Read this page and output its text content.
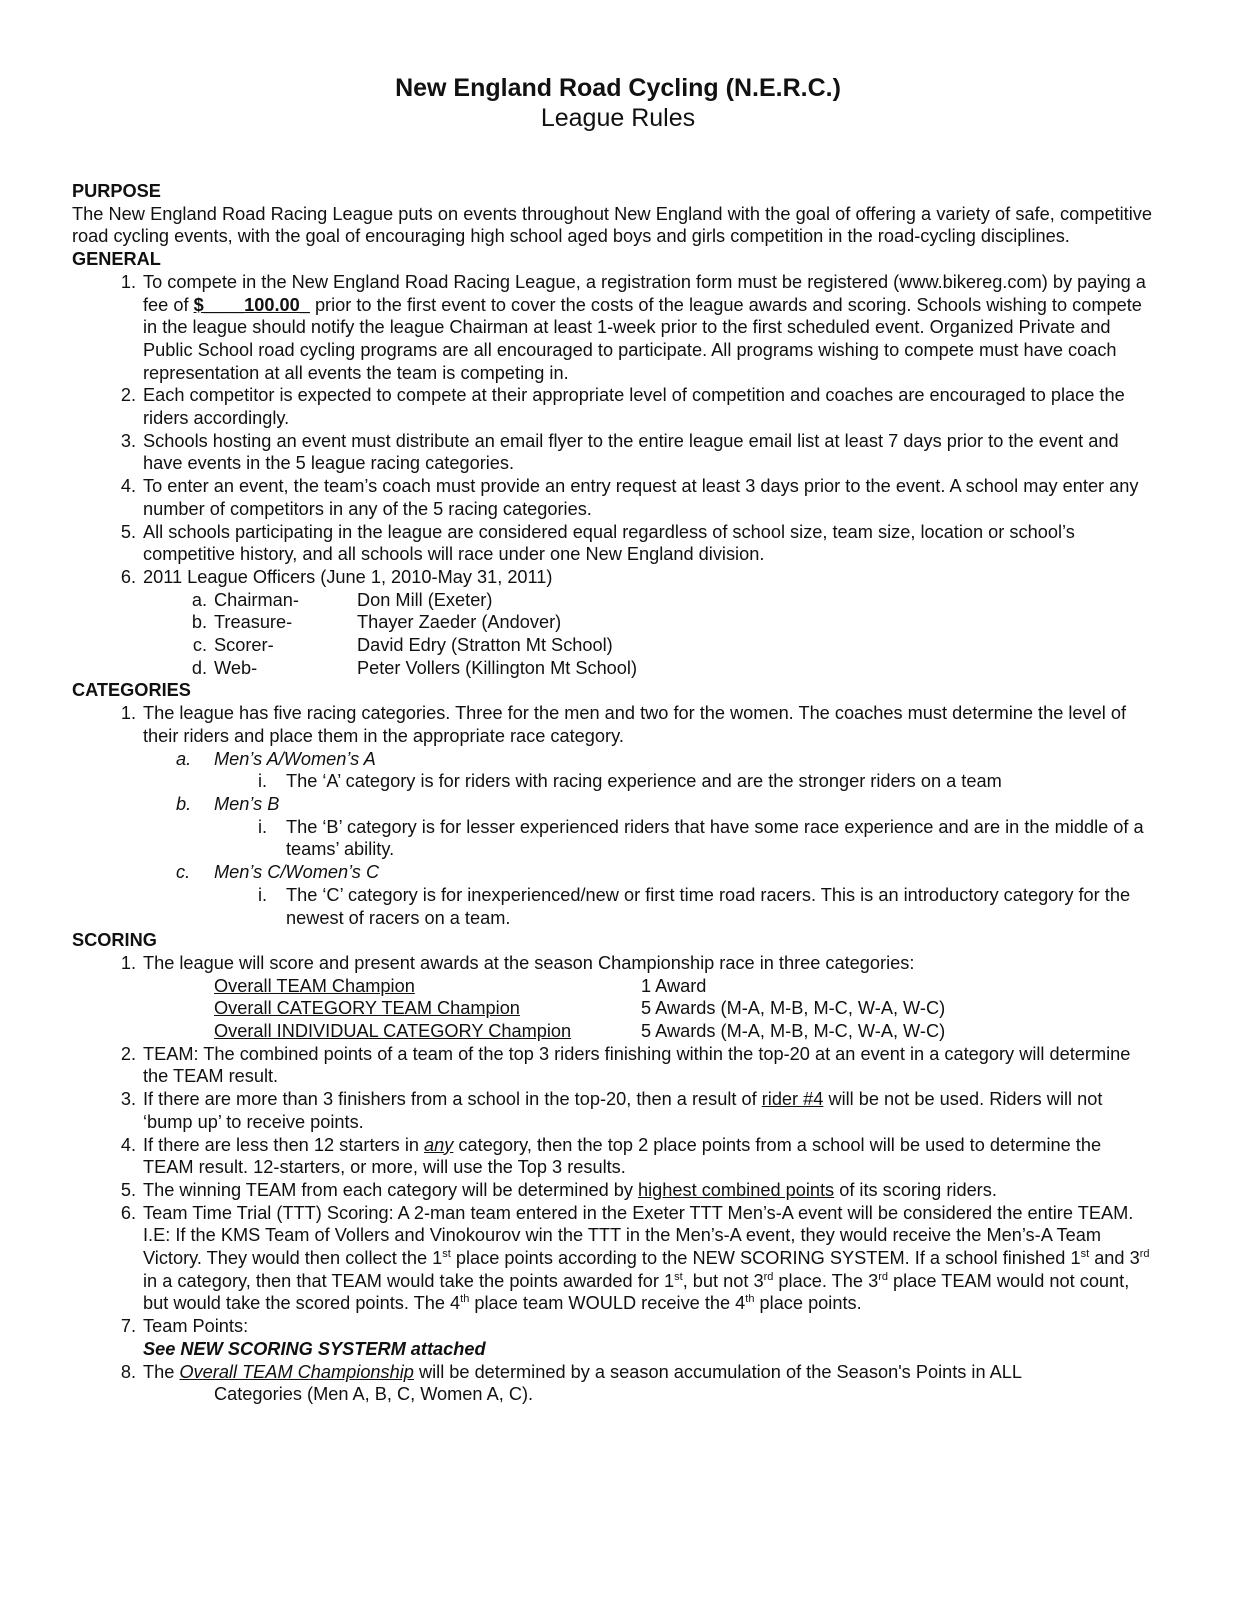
New England Road Cycling (N.E.R.C.)
League Rules
PURPOSE
The New England Road Racing League puts on events throughout New England with the goal of offering a variety of safe, competitive road cycling events, with the goal of encouraging high school aged boys and girls competition in the road-cycling disciplines.
GENERAL
1. To compete in the New England Road Racing League, a registration form must be registered (www.bikereg.com) by paying a fee of $____100.00_ prior to the first event to cover the costs of the league awards and scoring. Schools wishing to compete in the league should notify the league Chairman at least 1-week prior to the first scheduled event. Organized Private and Public School road cycling programs are all encouraged to participate. All programs wishing to compete must have coach representation at all events the team is competing in.
2. Each competitor is expected to compete at their appropriate level of competition and coaches are encouraged to place the riders accordingly.
3. Schools hosting an event must distribute an email flyer to the entire league email list at least 7 days prior to the event and have events in the 5 league racing categories.
4. To enter an event, the team’s coach must provide an entry request at least 3 days prior to the event. A school may enter any number of competitors in any of the 5 racing categories.
5. All schools participating in the league are considered equal regardless of school size, team size, location or school’s competitive history, and all schools will race under one New England division.
6. 2011 League Officers (June 1, 2010-May 31, 2011)
a. Chairman-	Don Mill (Exeter)
b. Treasure-	Thayer Zaeder (Andover)
c. Scorer-	David Edry (Stratton Mt School)
d. Web-	Peter Vollers (Killington Mt School)
CATEGORIES
1. The league has five racing categories. Three for the men and two for the women. The coaches must determine the level of their riders and place them in the appropriate race category.
a.	Men’s A/Women’s A
i.	The ‘A’ category is for riders with racing experience and are the stronger riders on a team
b.	Men’s B
i.	The ‘B’ category is for lesser experienced riders that have some race experience and are in the middle of a teams’ ability.
c.	Men’s C/Women’s C
i.	The ‘C’ category is for inexperienced/new or first time road racers. This is an introductory category for the newest of racers on a team.
SCORING
1. The league will score and present awards at the season Championship race in three categories:
Overall TEAM Champion	1 Award
Overall CATEGORY TEAM Champion	5 Awards (M-A, M-B, M-C, W-A, W-C)
Overall INDIVIDUAL CATEGORY Champion	5 Awards (M-A, M-B, M-C, W-A, W-C)
2. TEAM: The combined points of a team of the top 3 riders finishing within the top-20 at an event in a category will determine the TEAM result.
3. If there are more than 3 finishers from a school in the top-20, then a result of rider #4 will be not be used. Riders will not ‘bump up’ to receive points.
4. If there are less then 12 starters in any category, then the top 2 place points from a school will be used to determine the TEAM result. 12-starters, or more, will use the Top 3 results.
5. The winning TEAM from each category will be determined by highest combined points of its scoring riders.
6. Team Time Trial (TTT) Scoring: A 2-man team entered in the Exeter TTT Men’s-A event will be considered the entire TEAM. I.E: If the KMS Team of Vollers and Vinokourov win the TTT in the Men’s-A event, they would receive the Men’s-A Team Victory. They would then collect the 1st place points according to the NEW SCORING SYSTEM. If a school finished 1st and 3rd in a category, then that TEAM would take the points awarded for 1st, but not 3rd place. The 3rd place TEAM would not count, but would take the scored points. The 4th place team WOULD receive the 4th place points.
7. Team Points:
See NEW SCORING SYSTERM attached
8. The Overall TEAM Championship will be determined by a season accumulation of the Season's Points in ALL
Categories (Men A, B, C, Women A, C).
